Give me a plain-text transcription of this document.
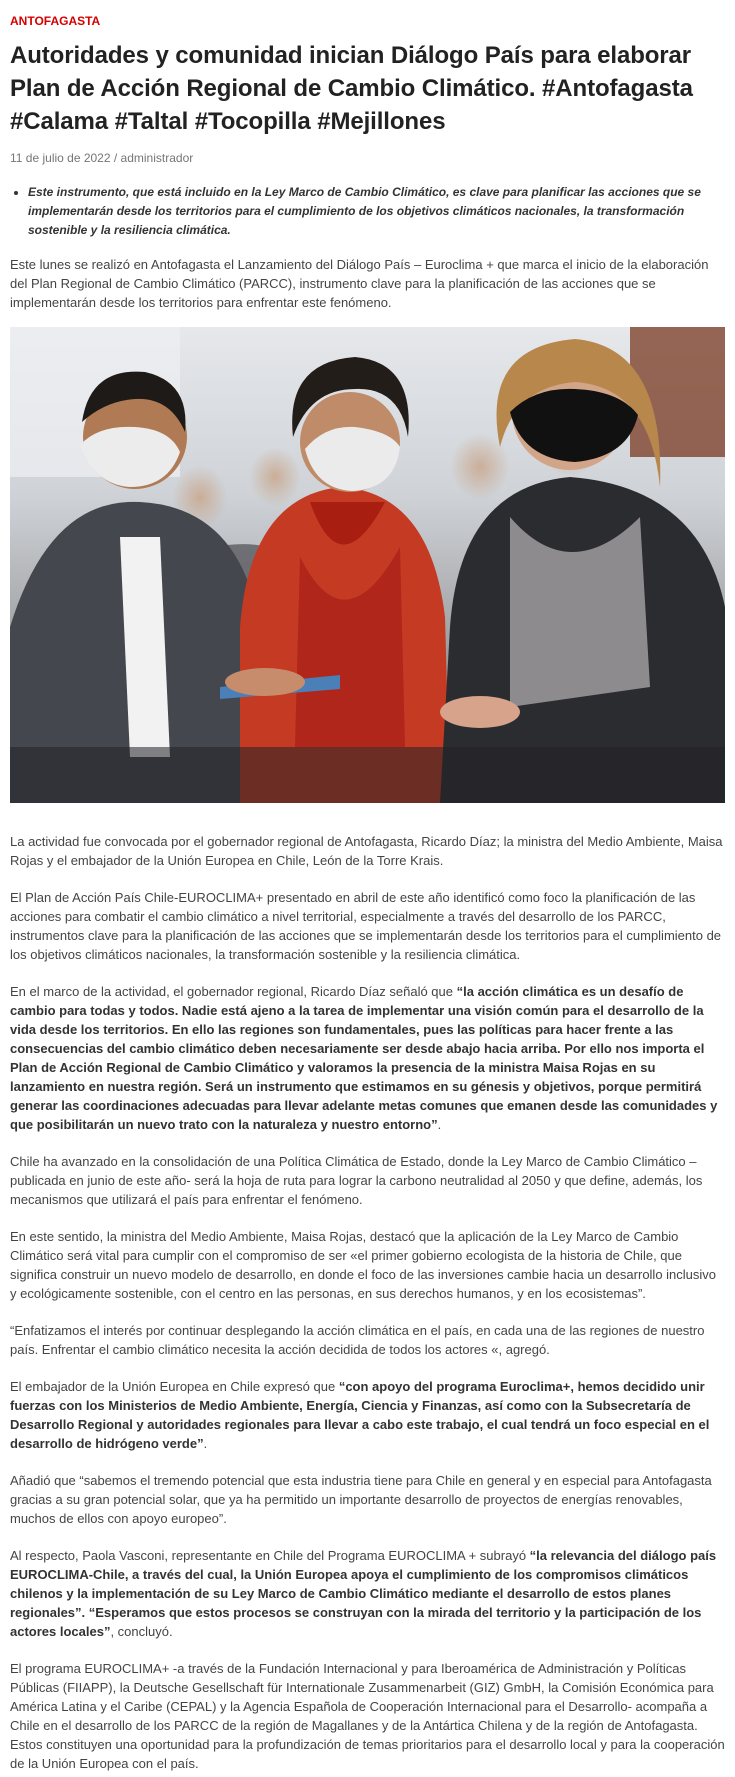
ANTOFAGASTA
Autoridades y comunidad inician Diálogo País para elaborar Plan de Acción Regional de Cambio Climático. #Antofagasta #Calama #Taltal #Tocopilla #Mejillones
11 de julio de 2022 / administrador
• Este instrumento, que está incluido en la Ley Marco de Cambio Climático, es clave para planificar las acciones que se implementarán desde los territorios para el cumplimiento de los objetivos climáticos nacionales, la transformación sostenible y la resiliencia climática.

Este lunes se realizó en Antofagasta el Lanzamiento del Diálogo País – Euroclima + que marca el inicio de la elaboración del Plan Regional de Cambio Climático (PARCC), instrumento clave para la planificación de las acciones que se implementarán desde los territorios para enfrentar este fenómeno.

La actividad fue convocada por el gobernador regional de Antofagasta, Ricardo Díaz; la ministra del Medio Ambiente, Maisa Rojas y el embajador de la Unión Europea en Chile, León de la Torre Krais.

El Plan de Acción País Chile-EUROCLIMA+ presentado en abril de este año identificó como foco la planificación de las acciones para combatir el cambio climático a nivel territorial, especialmente a través del desarrollo de los PARCC, instrumentos clave para la planificación de las acciones que se implementarán desde los territorios para el cumplimiento de los objetivos climáticos nacionales, la transformación sostenible y la resiliencia climática.

En el marco de la actividad, el gobernador regional, Ricardo Díaz señaló que “la acción climática es un desafío de cambio para todas y todos. Nadie está ajeno a la tarea de implementar una visión común para el desarrollo de la vida desde los territorios. En ello las regiones son fundamentales, pues las políticas para hacer frente a las consecuencias del cambio climático deben necesariamente ser desde abajo hacia arriba. Por ello nos importa el Plan de Acción Regional de Cambio Climático y valoramos la presencia de la ministra Maisa Rojas en su lanzamiento en nuestra región. Será un instrumento que estimamos en su génesis y objetivos, porque permitirá generar las coordinaciones adecuadas para llevar adelante metas comunes que emanen desde las comunidades y que posibilitarán un nuevo trato con la naturaleza y nuestro entorno”.

Chile ha avanzado en la consolidación de una Política Climática de Estado, donde la Ley Marco de Cambio Climático –publicada en junio de este año- será la hoja de ruta para lograr la carbono neutralidad al 2050 y que define, además, los mecanismos que utilizará el país para enfrentar el fenómeno.

En este sentido, la ministra del Medio Ambiente, Maisa Rojas, destacó que la aplicación de la Ley Marco de Cambio Climático será vital para cumplir con el compromiso de ser «el primer gobierno ecologista de la historia de Chile, que significa construir un nuevo modelo de desarrollo, en donde el foco de las inversiones cambie hacia un desarrollo inclusivo y ecológicamente sostenible, con el centro en las personas, en sus derechos humanos, y en los ecosistemas”.

“Enfatizamos el interés por continuar desplegando la acción climática en el país, en cada una de las regiones de nuestro país. Enfrentar el cambio climático necesita la acción decidida de todos los actores «, agregó.

El embajador de la Unión Europea en Chile expresó que “con apoyo del programa Euroclima+, hemos decidido unir fuerzas con los Ministerios de Medio Ambiente, Energía, Ciencia y Finanzas, así como con la Subsecretaría de Desarrollo Regional y autoridades regionales para llevar a cabo este trabajo, el cual tendrá un foco especial en el desarrollo de hidrógeno verde”.

Añadió que “sabemos el tremendo potencial que esta industria tiene para Chile en general y en especial para Antofagasta gracias a su gran potencial solar, que ya ha permitido un importante desarrollo de proyectos de energías renovables, muchos de ellos con apoyo europeo”.

Al respecto, Paola Vasconi, representante en Chile del Programa EUROCLIMA + subrayó “la relevancia del diálogo país EUROCLIMA-Chile, a través del cual, la Unión Europea apoya el cumplimiento de los compromisos climáticos chilenos y la implementación de su Ley Marco de Cambio Climático mediante el desarrollo de estos planes regionales”. “Esperamos que estos procesos se construyan con la mirada del territorio y la participación de los actores locales”, concluyó.

El programa EUROCLIMA+ -a través de la Fundación Internacional y para Iberoamérica de Administración y Políticas Públicas (FIIAPP), la Deutsche Gesellschaft für Internationale Zusammenarbeit (GIZ) GmbH, la Comisión Económica para América Latina y el Caribe (CEPAL) y la Agencia Española de Cooperación Internacional para el Desarrollo- acompaña a Chile en el desarrollo de los PARCC de la región de Magallanes y de la Antártica Chilena y de la región de Antofagasta. Estos constituyen una oportunidad para la profundización de temas prioritarios para el desarrollo local y para la cooperación de la Unión Europea con el país.
